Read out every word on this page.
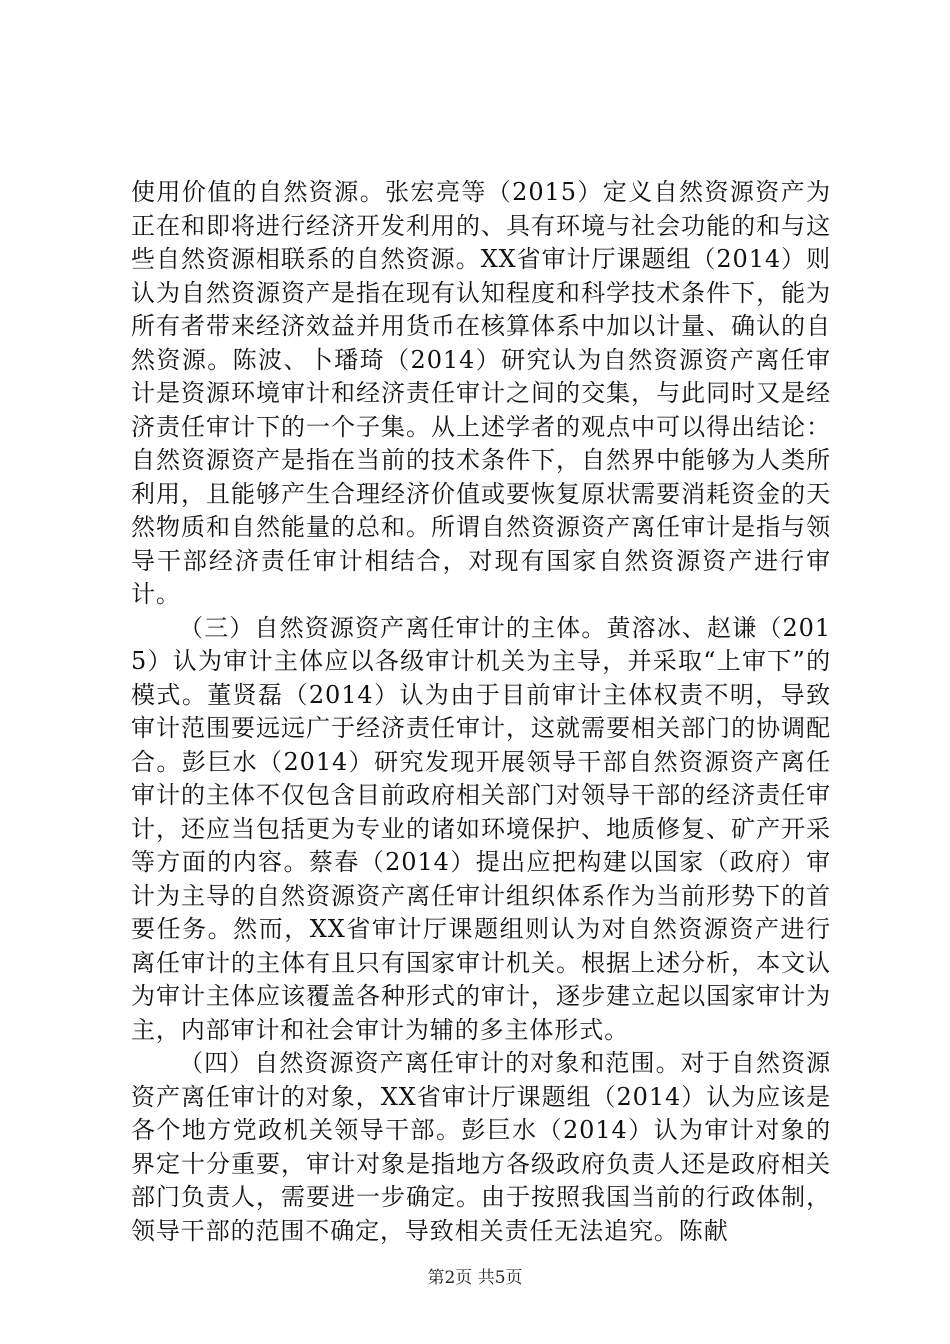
使用价值的自然资源。张宏亮等（2015）定义自然资源资产为正在和即将进行经济开发利用的、具有环境与社会功能的和与这些自然资源相联系的自然资源。XX省审计厅课题组（2014）则认为自然资源资产是指在现有认知程度和科学技术条件下，能为所有者带来经济效益并用货币在核算体系中加以计量、确认的自然资源。陈波、卜璠琦（2014）研究认为自然资源资产离任审计是资源环境审计和经济责任审计之间的交集，与此同时又是经济责任审计下的一个子集。从上述学者的观点中可以得出结论：自然资源资产是指在当前的技术条件下，自然界中能够为人类所利用，且能够产生合理经济价值或要恢复原状需要消耗资金的天然物质和自然能量的总和。所谓自然资源资产离任审计是指与领导干部经济责任审计相结合，对现有国家自然资源资产进行审计。

（三）自然资源资产离任审计的主体。黄溶冰、赵谦（2015）认为审计主体应以各级审计机关为主导，并采取“上审下”的模式。董贤磊（2014）认为由于目前审计主体权责不明，导致审计范围要远远广于经济责任审计，这就需要相关部门的协调配合。彭巨水（2014）研究发现开展领导干部自然资源资产离任审计的主体不仅包含目前政府相关部门对领导干部的经济责任审计，还应当包括更为专业的诸如环境保护、地质修复、矿产开采等方面的内容。蔡春（2014）提出应把构建以国家（政府）审计为主导的自然资源资产离任审计组织体系作为当前形势下的首要任务。然而，XX省审计厅课题组则认为对自然资源资产进行离任审计的主体有且只有国家审计机关。根据上述分析，本文认为审计主体应该覆盖各种形式的审计，逐步建立起以国家审计为主，内部审计和社会审计为辅的多主体形式。

（四）自然资源资产离任审计的对象和范围。对于自然资源资产离任审计的对象，XX省审计厅课题组（2014）认为应该是各个地方党政机关领导干部。彭巨水（2014）认为审计对象的界定十分重要，审计对象是指地方各级政府负责人还是政府相关部门负责人，需要进一步确定。由于按照我国当前的行政体制，领导干部的范围不确定，导致相关责任无法追究。陈献

第2页 共5页
